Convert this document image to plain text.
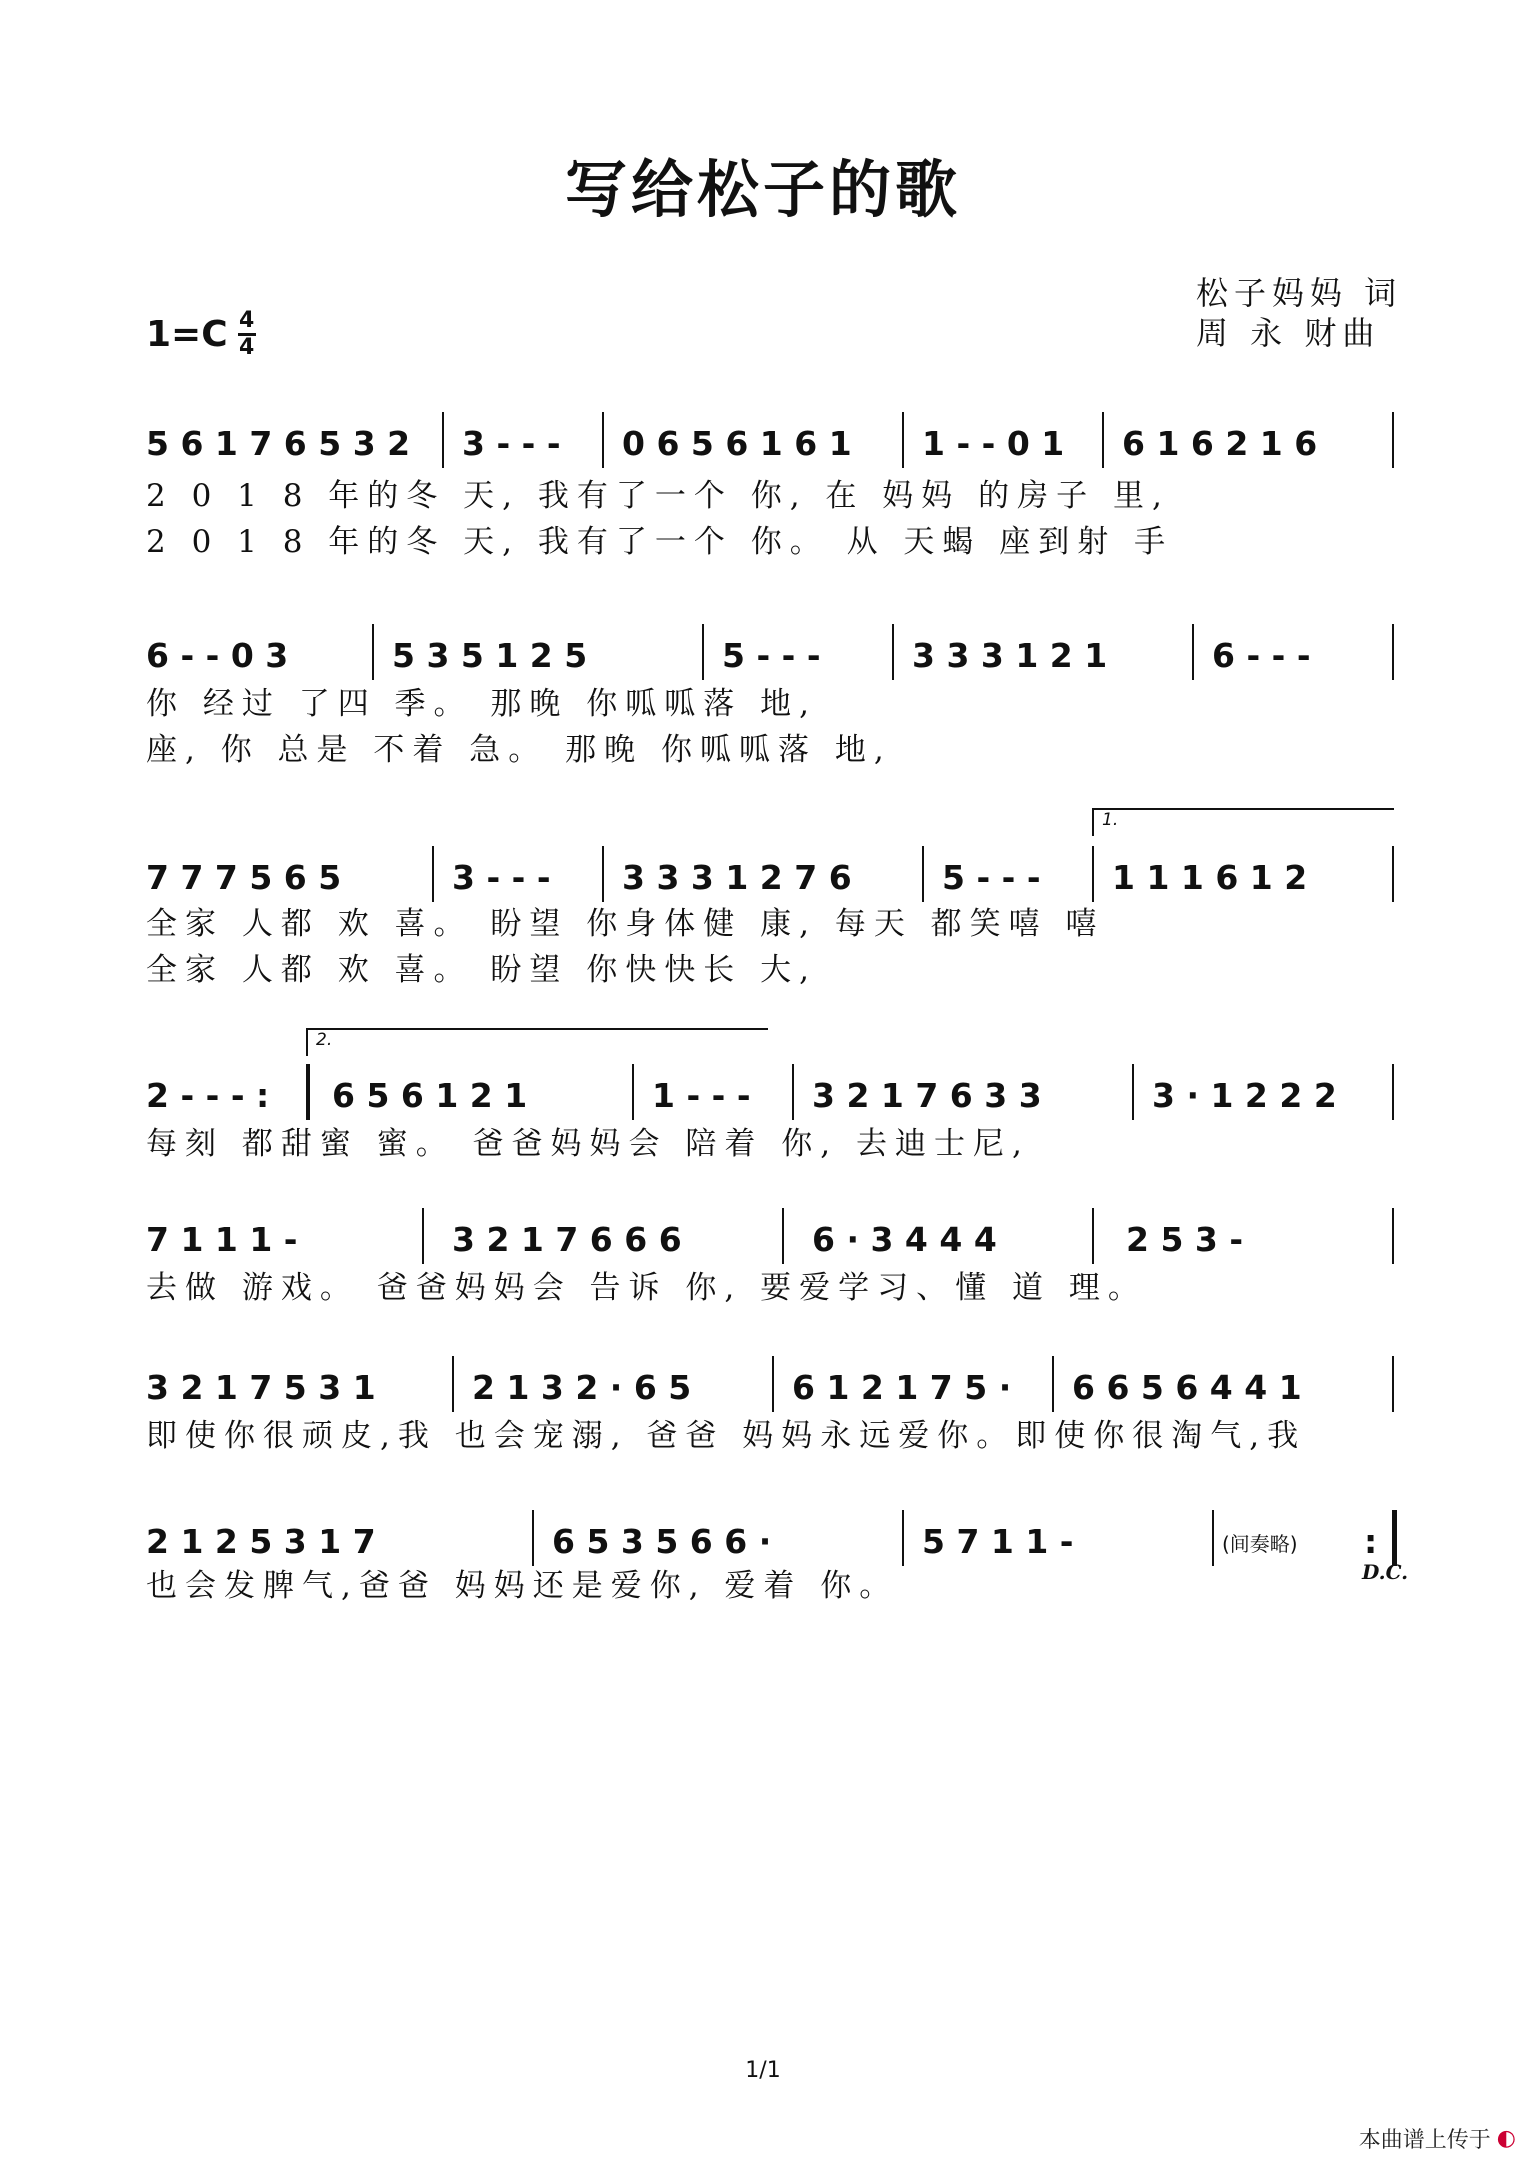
写给松子的歌
松子妈妈 词
周 永 财曲
$1=C \frac{4}{4}$
5 6 1 7 6 5 3 2 3 - - - 0 6 5 6 1 6 1 1 - - 0 1 6 1 6 2 1 6
2 0 1 8 年的冬 天, 我有了一个 你, 在 妈妈 的房子 里,
2 0 1 8 年的冬 天, 我有了一个 你。 从 天蝎 座到射 手
6 - - 0 3	5 3 5 1 2 5	5 - - -	3 3 3 1 2 1	6 - - -
你 经过 了四 季。 那晚 你呱呱落 地,
座, 你 总是 不着 急。 那晚 你呱呱落 地,
1.
7 7 7 5 6 5	3 - - - 3 3 3 1 2 7 6	5 - - - 1 1 1 6 1 2
全家 人都 欢 喜。 盼望 你身体健 康, 每天 都笑嘻 嘻
全家 人都 欢 喜。 盼望 你快快长 大,
2.
2 - - - : 6 5 6 1 2 1	1 - - - 3 2 1 7 6 3 3	3 · 1 2 2 2
每刻 都甜蜜 蜜。 爸爸妈妈会 陪着 你, 去迪士尼,
7 1 1 1 -	3 2 1 7 6 6 6	6 · 3 4 4 4	2 5 3 -
去做 游戏。 爸爸妈妈会 告诉 你, 要爱学习、懂 道 理。
3 2 1 7 5 3 1	2 1 3 2 · 6 5	6 1 2 1 7 5 · 6 6 5 6 4 4 1
即使你很顽皮,我 也会宠溺, 爸爸 妈妈永远爱你。即使你很淘气,我
2 1 2 5 3 1 7	6 5 3 5 6 6 ·	5 7 1 1 -	(间奏略) :
也会发脾气,爸爸 妈妈还是爱你, 爱着 你。	D.C.
1/1
本曲谱上传于 ◐
